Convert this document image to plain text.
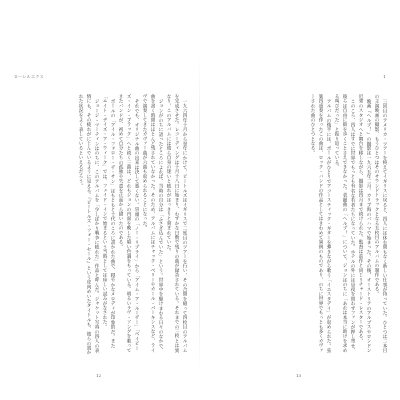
ローレルエクス
一九六四年十月から翌年にかけて、ビートルズはイギリスで二度目のツアーを行い、その合間を縫って四枚目のアルバムを完成させた。レコーディングは十月十八日に始まり、わずかな日数で残りの曲が録音されている。それまでの三枚とは異なり、このアルバムには彼ら自身の迷いと疲れがはっきりと刻まれていた。
ジョンがのちに語ったところによれば、当時の自分は「ふさぎ込んでいた」という。世界中を駆けまわる日々のなかで、曲を書く時間はほとんど残されていなかった。そのため、アルバムにはチャック・ベリーやカール・パーキンスなど、ライヴで演奏してきたカヴァー曲が六曲も収められることになった。
それでも、オリジナル曲の出来は決して悪くない。冒頭の「ノー・リプライ」から「アイム・ア・ルーザー」「ベイビーズ・イン・ブラック」へと続く三曲は、どれもジョンの内面を映した暗い色調をもっている。明るいラヴ・ソングを歌ってきたバンドが、初めて自分たちの孤独や失意を正面から描いたのである。
ポールの「アイル・フォロー・ザ・サン」はもともと十代のころに書かれた曲で、穏やかなメロディが印象的だ。また「エイト・デイズ・ア・ウィーク」では、フェイド・インで始まるという当時としては珍しい試みがなされた。
ジョージ・マーティンはのちに、このアルバムを「少しばかり戦争に疲れた」作品と呼んだ。ジャケット写真の四人の表情にも、その疲れがにじんでいるように見える。『ビートルズ・フォー・セール』という皮肉めいたタイトルも、彼らの置かれた状況をよく表しているといえるだろう。
12
1
三回目のアメリカ・ツアーを終えてイギリスに戻ると、四人には休む間もなく新しい仕事が待っていた。ひとつは二本目の主演映画の撮影、もうひとつはそのサウンドトラックとなる五枚目のアルバムの制作である。
映画『ヘルプ！』の撮影は一九六五年二月、カリブ海のバハマで始まった。その後、オーストリアのアルプスやロンドン近郊のスタジオへと舞台を移しながら、撮影は四月まで続けられた。監督は前作と同じリチャード・レスターである。
このころ、四人はすでに世界でもっとも有名な若者たちになっていた。ホテルの外には昼夜を問わずファンが押し寄せ、彼らは自由に街を歩くことさえできなかった。表題曲の「ヘルプ！」について、ジョンはのちに「あれは本当に助けを求める叫びだった」と振り返っている。
アルバムの後半には、ポールがひとりでアコースティック・ギターを弾きながら歌う「イエスタデイ」が収められた。弦楽四重奏を伴ったこの曲は、ロック・バンドの作品としてはきわめて異例のものであり、のちに世界でもっとも多くカヴァーされた曲のひとつとなる。
13
